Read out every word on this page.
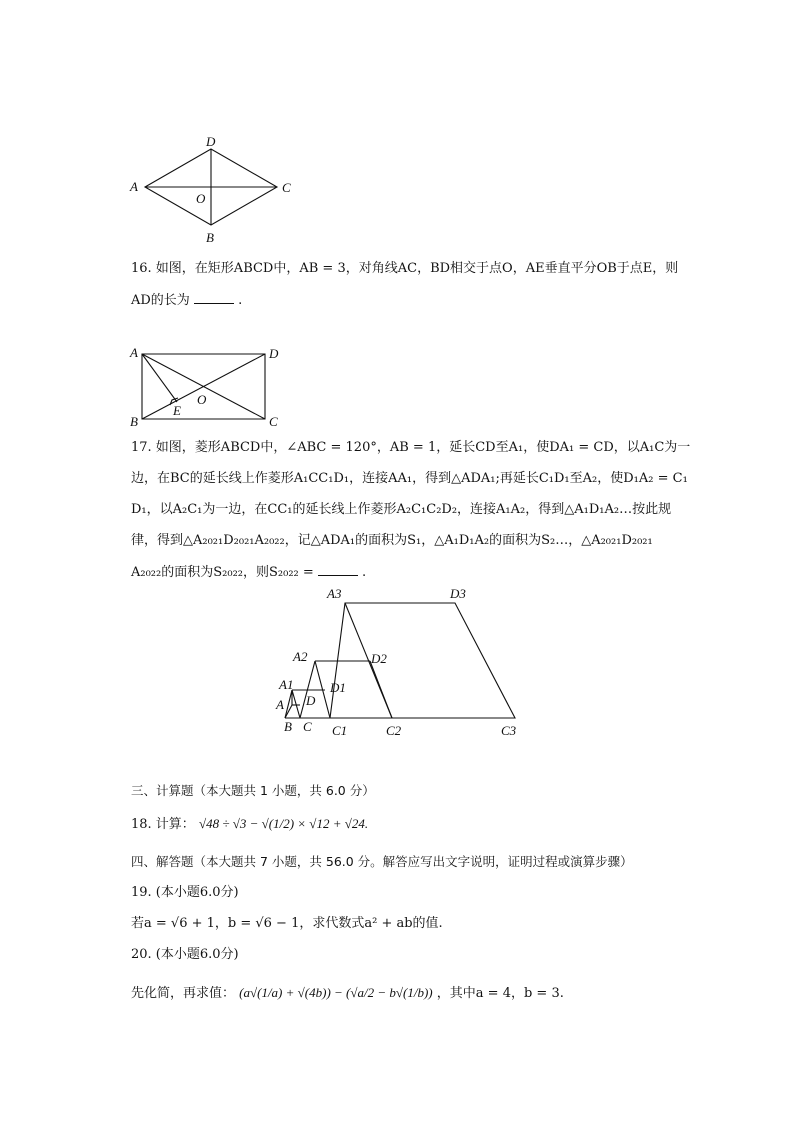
D
A
O
C
B
16. 如图，在矩形ABCD中，AB = 3，对角线AC，BD相交于点O，AE垂直平分OB于点E，则
AD的长为	.
A	D
O
E
B	C
17. 如图，菱形ABCD中，∠ABC = 120°，AB = 1，延长CD至A₁，使DA₁ = CD，以A₁C为一
边，在BC的延长线上作菱形A₁CC₁D₁，连接AA₁，得到△ADA₁;再延长C₁D₁至A₂，使D₁A₂ = C₁
D₁，以A₂C₁为一边，在CC₁的延长线上作菱形A₂C₁C₂D₂，连接A₁A₂，得到△A₁D₁A₂…按此规
律，得到△A₂₀₂₁D₂₀₂₁A₂₀₂₂，记△ADA₁的面积为S₁，△A₁D₁A₂的面积为S₂…，△A₂₀₂₁D₂₀₂₁
A₂₀₂₂的面积为S₂₀₂₂，则S₂₀₂₂ =	.
A3	D3
A2	D2
A1	D1
D
A
B C C1	C2	C3
三、计算题（本大题共 1 小题，共 6.0 分）
18. 计算： √48 ÷ √3 − √(1/2) × √12 + √24.
四、解答题（本大题共 7 小题，共 56.0 分。解答应写出文字说明，证明过程或演算步骤）
19. (本小题6.0分)
若a = √6 + 1，b = √6 − 1，求代数式a² + ab的值.
20. (本小题6.0分)
先化简，再求值： (a√(1/a) + √(4b)) − (√a/2 − b√(1/b)) ，其中a = 4，b = 3.
